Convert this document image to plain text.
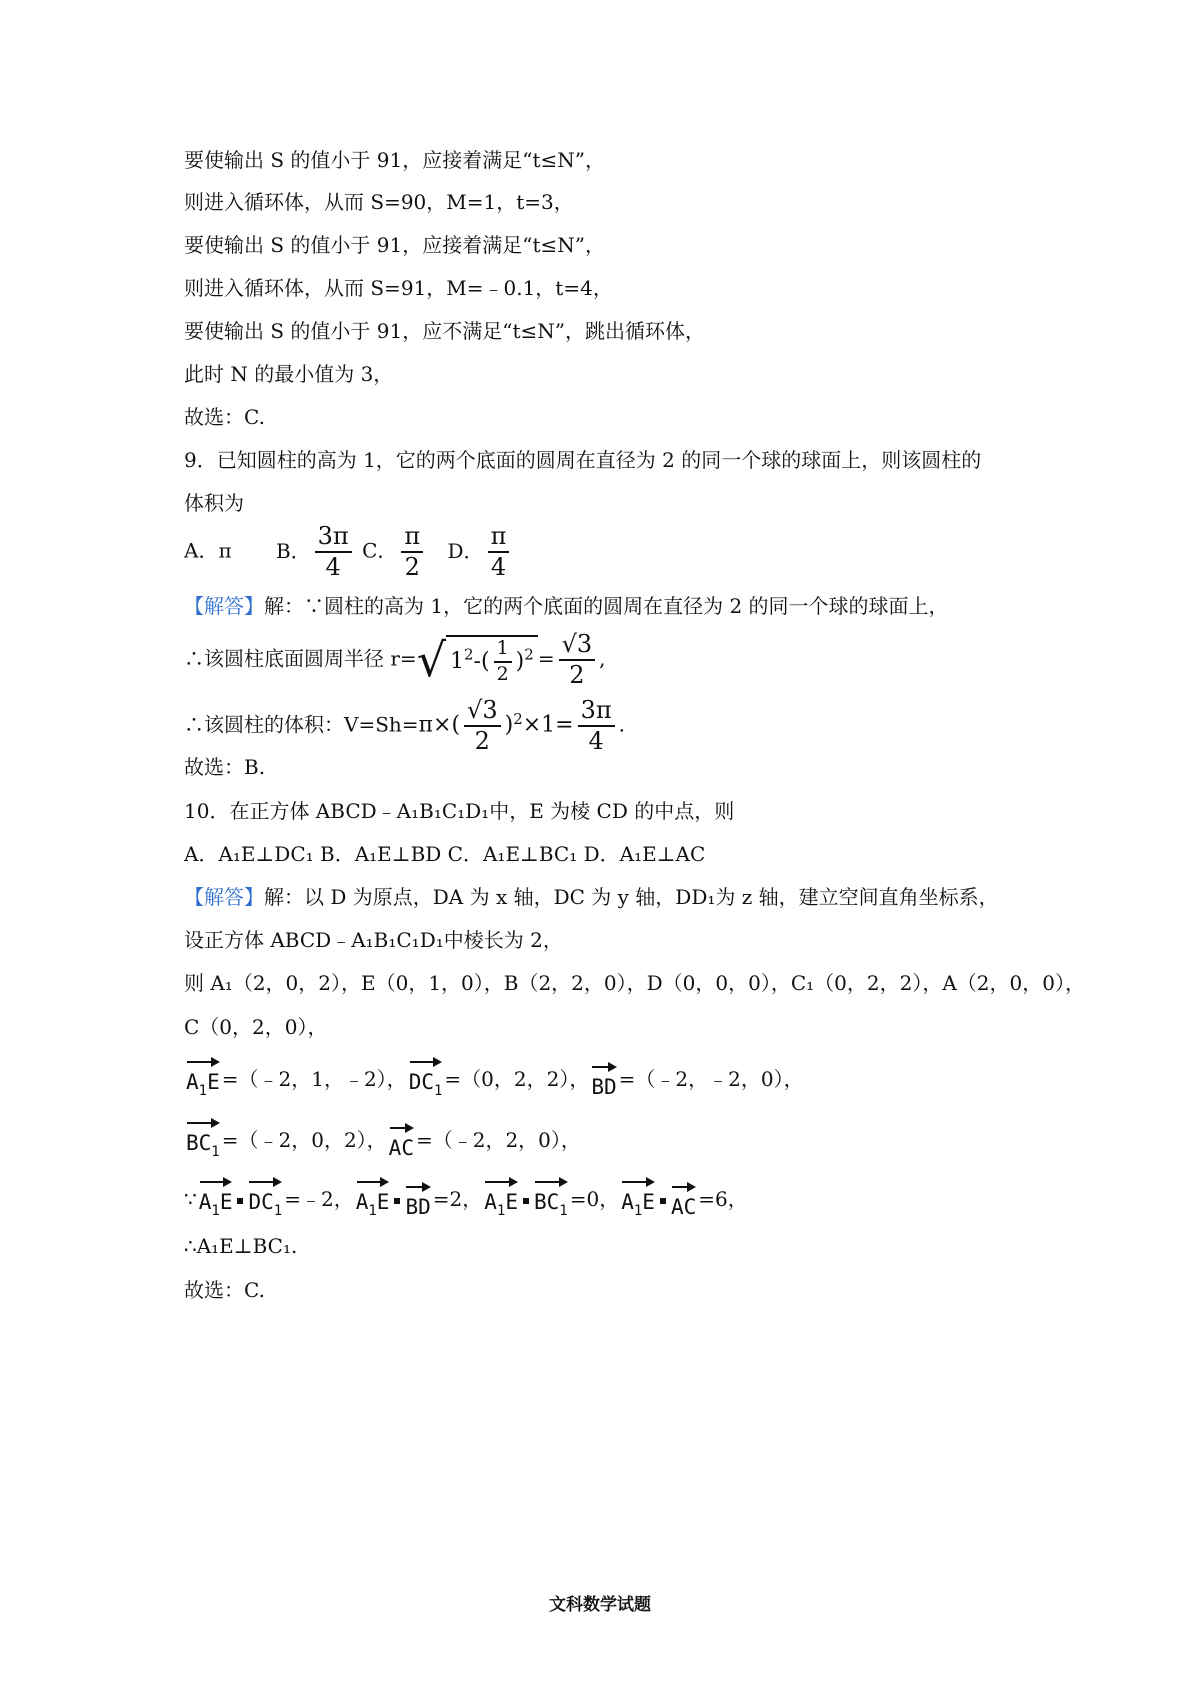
要使输出 S 的值小于 91，应接着满足“t≤N”，
则进入循环体，从而 S=90，M=1，t=3，
要使输出 S 的值小于 91，应接着满足“t≤N”，
则进入循环体，从而 S=91，M=﹣0.1，t=4，
要使输出 S 的值小于 91，应不满足“t≤N”，跳出循环体，
此时 N 的最小值为 3，
故选：C.
9．已知圆柱的高为 1，它的两个底面的圆周在直径为 2 的同一个球的球面上，则该圆柱的
体积为
A．π B． $\frac{3\pi}{4}$ C． $\frac{\pi}{2}$ D． $\frac{\pi}{4}$
【解答】解：∵圆柱的高为 1，它的两个底面的圆周在直径为 2 的同一个球的球面上，
∴该圆柱底面圆周半径 r=√ $1^2-( \frac{1}{2} )^2 = \frac{√3}{2}$ ,
∴该圆柱的体积：$V=Sh=\pi\times( \frac{√3}{2} )^2\times 1= \frac{3\pi}{4}$ .
故选：B.
10．在正方体 ABCD﹣A₁B₁C₁D₁中，E 为棱 CD 的中点，则
A．A₁E⊥DC₁ B．A₁E⊥BD C．A₁E⊥BC₁ D．A₁E⊥AC
【解答】解：以 D 为原点，DA 为 x 轴，DC 为 y 轴，DD₁为 z 轴，建立空间直角坐标系，
设正方体 ABCD﹣A₁B₁C₁D₁中棱长为 2，
则 A₁（2，0，2），E（0，1，0），B（2，2，0），D（0，0，0），C₁（0，2，2），A（2，0，0），
C（0，2，0），
$A_1E$ =（﹣2，1，﹣2），$DC_1 =(0$，2，2），BD =（﹣2，﹣2，0），
$BC_1$ =（﹣2，0，2），AC =（﹣2，2，0），
$\because A_1E$ $DC_1$ =﹣2，$A_1E$ BD =2，$A_1E$ $BC_1 =0$，$A_1E$ AC =6，
∴A₁E⊥BC₁.
故选：C.
文科数学试题
